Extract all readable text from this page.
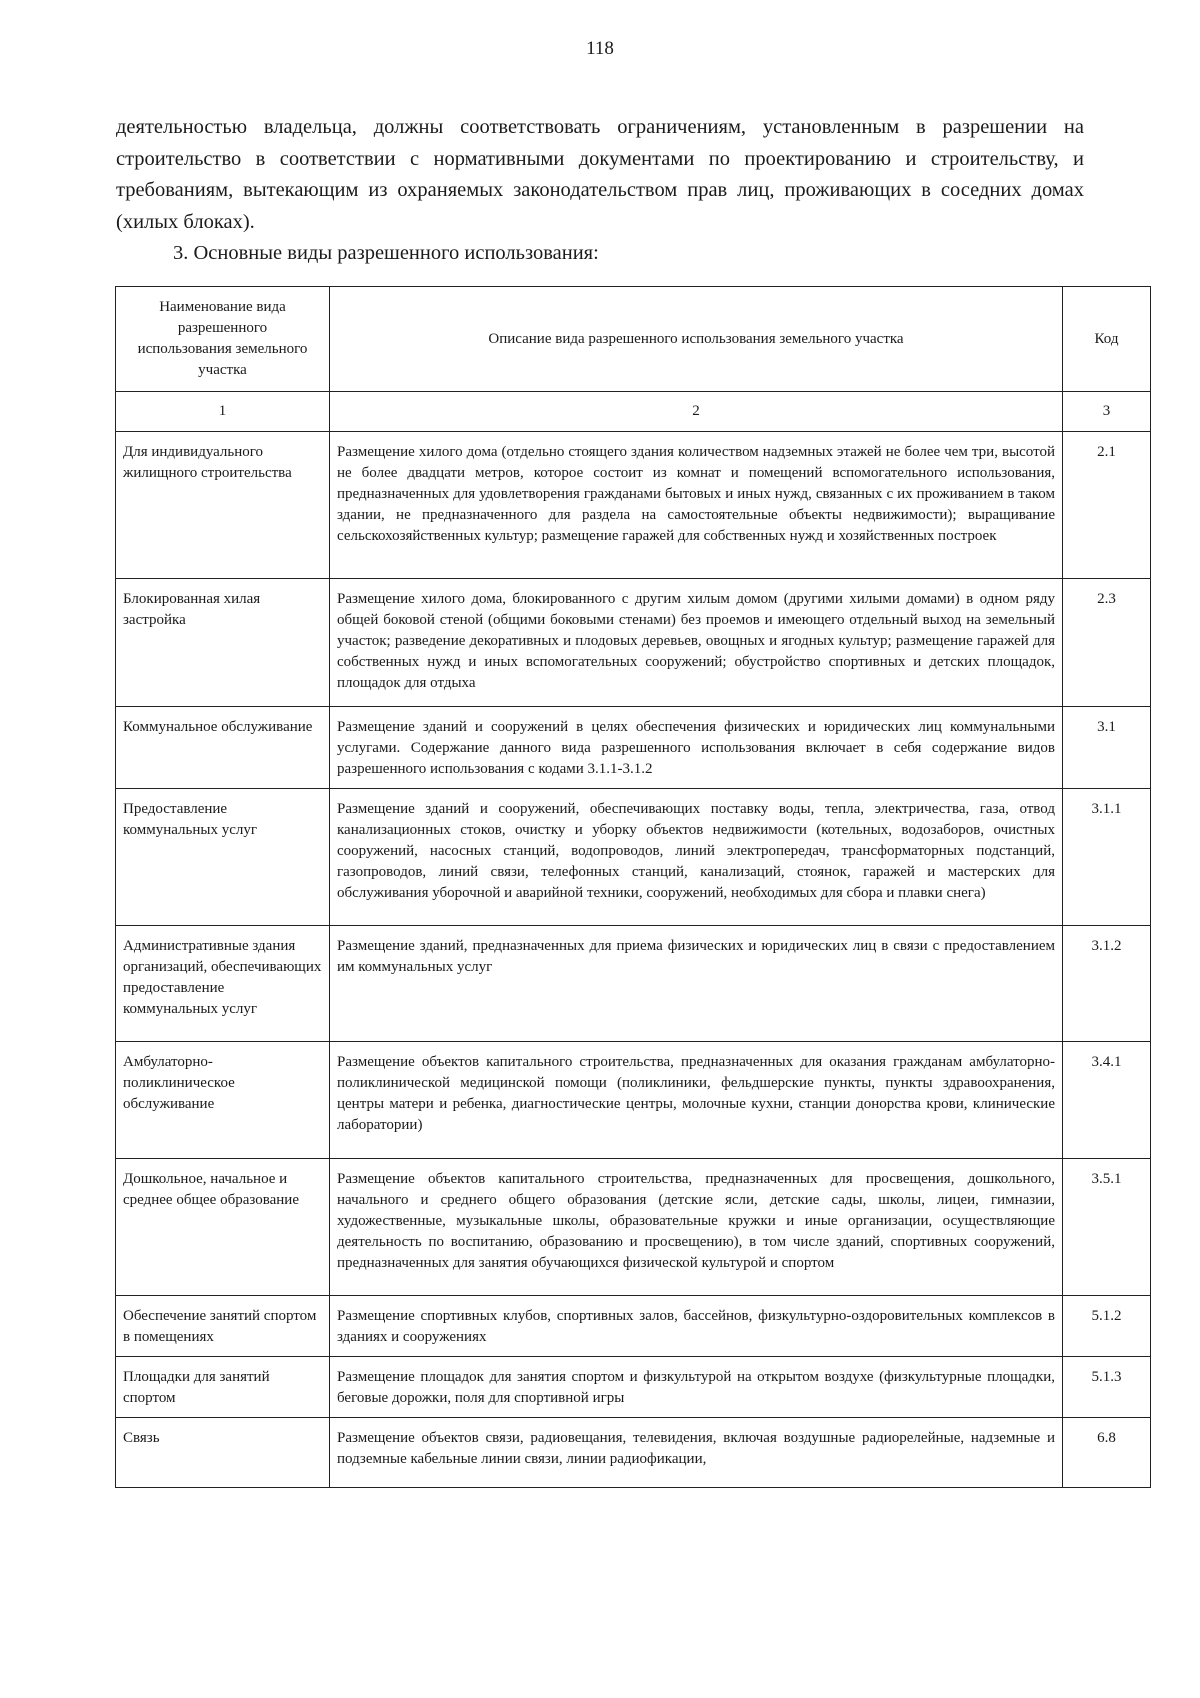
118

деятельностью владельца, должны соответствовать ограничениям, установленным в разрешении на строительство в соответствии с нормативными документами по проектированию и строительству, и требованиям, вытекающим из охраняемых законодательством прав лиц, проживающих в соседних домах (хилых блоках).

3. Основные виды разрешенного использования:

Наименование вида разрешенного использования земельного участка	Описание вида разрешенного использования земельного участка	Код

1	2	3

Для индивидуального жилищного строительства	Размещение хилого дома (отдельно стоящего здания количеством надземных этажей не более чем три, высотой не более двадцати метров, которое состоит из комнат и помещений вспомогательного использования, предназначенных для удовлетворения гражданами бытовых и иных нужд, связанных с их проживанием в таком здании, не предназначенного для раздела на самостоятельные объекты недвижимости); выращивание сельскохозяйственных культур; размещение гаражей для собственных нужд и хозяйственных построек	2.1

Блокированная хилая застройка	Размещение хилого дома, блокированного с другим хилым домом (другими хилыми домами) в одном ряду общей боковой стеной (общими боковыми стенами) без проемов и имеющего отдельный выход на земельный участок; разведение декоративных и плодовых деревьев, овощных и ягодных культур; размещение гаражей для собственных нужд и иных вспомогательных сооружений; обустройство спортивных и детских площадок, площадок для отдыха	2.3

Коммунальное обслуживание	Размещение зданий и сооружений в целях обеспечения физических и юридических лиц коммунальными услугами. Содержание данного вида разрешенного использования включает в себя содержание видов разрешенного использования с кодами 3.1.1-3.1.2	3.1

Предоставление коммунальных услуг	Размещение зданий и сооружений, обеспечивающих поставку воды, тепла, электричества, газа, отвод канализационных стоков, очистку и уборку объектов недвижимости (котельных, водозаборов, очистных сооружений, насосных станций, водопроводов, линий электропередач, трансформаторных подстанций, газопроводов, линий связи, телефонных станций, канализаций, стоянок, гаражей и мастерских для обслуживания уборочной и аварийной техники, сооружений, необходимых для сбора и плавки снега)	3.1.1

Административные здания организаций, обеспечивающих предоставление коммунальных услуг	Размещение зданий, предназначенных для приема физических и юридических лиц в связи с предоставлением им коммунальных услуг	3.1.2

Амбулаторно-поликлиническое обслуживание	Размещение объектов капитального строительства, предназначенных для оказания гражданам амбулаторно-поликлинической медицинской помощи (поликлиники, фельдшерские пункты, пункты здравоохранения, центры матери и ребенка, диагностические центры, молочные кухни, станции донорства крови, клинические лаборатории)	3.4.1

Дошкольное, начальное и среднее общее образование	Размещение объектов капитального строительства, предназначенных для просвещения, дошкольного, начального и среднего общего образования (детские ясли, детские сады, школы, лицеи, гимназии, художественные, музыкальные школы, образовательные кружки и иные организации, осуществляющие деятельность по воспитанию, образованию и просвещению), в том числе зданий, спортивных сооружений, предназначенных для занятия обучающихся физической культурой и спортом	3.5.1

Обеспечение занятий спортом в помещениях	Размещение спортивных клубов, спортивных залов, бассейнов, физкультурно-оздоровительных комплексов в зданиях и сооружениях	5.1.2

Площадки для занятий спортом	Размещение площадок для занятия спортом и физкультурой на открытом воздухе (физкультурные площадки, беговые дорожки, поля для спортивной игры	5.1.3

Связь	Размещение объектов связи, радиовещания, телевидения, включая воздушные радиорелейные, надземные и подземные кабельные линии связи, линии радиофикации,	6.8
